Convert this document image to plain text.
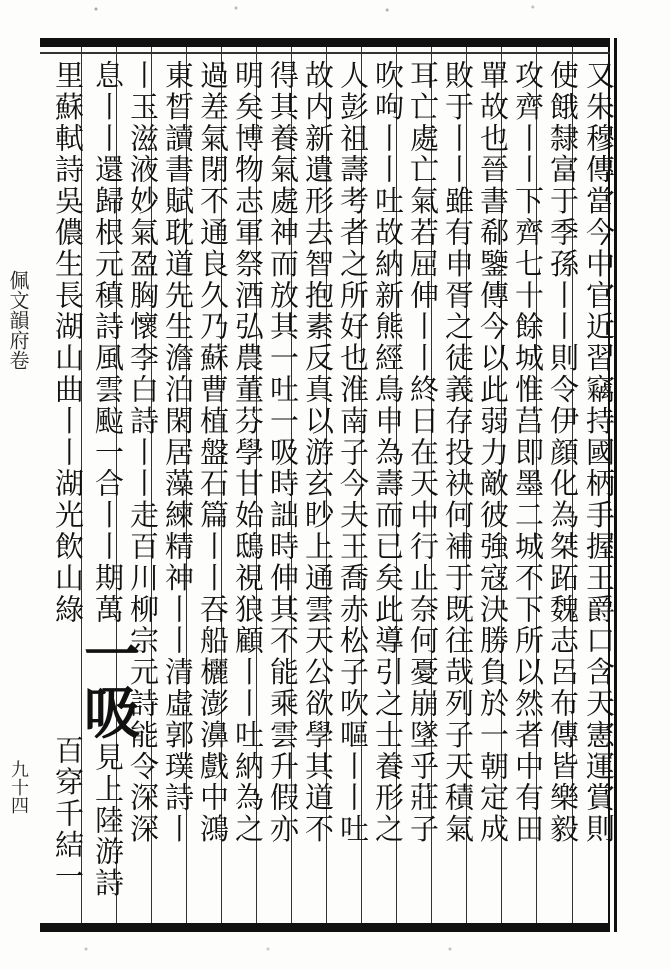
又朱穆傳當今中官近習竊持國柄手握王爵口含天憲運賞則
使餓隸富于季孫丨丨則令伊顔化為桀跖魏志呂布傳皆樂毅
攻齊丨丨下齊七十餘城惟莒即墨二城不下所以然者中有田
單故也晉書郗鑒傳今以此弱力敵彼強寇決勝負於一朝定成
敗于丨丨雖有申胥之徒義存投袂何補于既往哉列子天積氣
耳亡處亡氣若屈伸丨丨終日在天中行止奈何憂崩墜乎莊子
吹呴丨丨吐故納新熊經鳥申為壽而已矣此導引之士養形之
人彭祖壽考者之所好也淮南子今夫王喬赤松子吹嘔丨丨吐
故内新遺形去智抱素反真以游玄眇上通雲天公欲學其道不
得其養氣處神而放其一吐一吸時詘時伸其不能乘雲升假亦
明矣博物志軍祭酒弘農董芬學甘始鴟視狼顧丨丨吐納為之
過差氣閉不通良久乃蘇曹植盤石篇丨丨吞船欐澎濞戲中鴻
東晳讀書賦耽道先生澹泊閑居藻練精神丨丨清虛郭璞詩丨
丨玉滋液妙氣盈胸懷李白詩丨丨走百川柳宗元詩能令深深
息丨丨還歸根元稹詩風雲䬃一合丨丨期萬一吸見上陸游詩
里蘇軾詩吳儂生長湖山曲丨丨湖光飲山綠百穿千結一
佩文韻府卷
九十四
